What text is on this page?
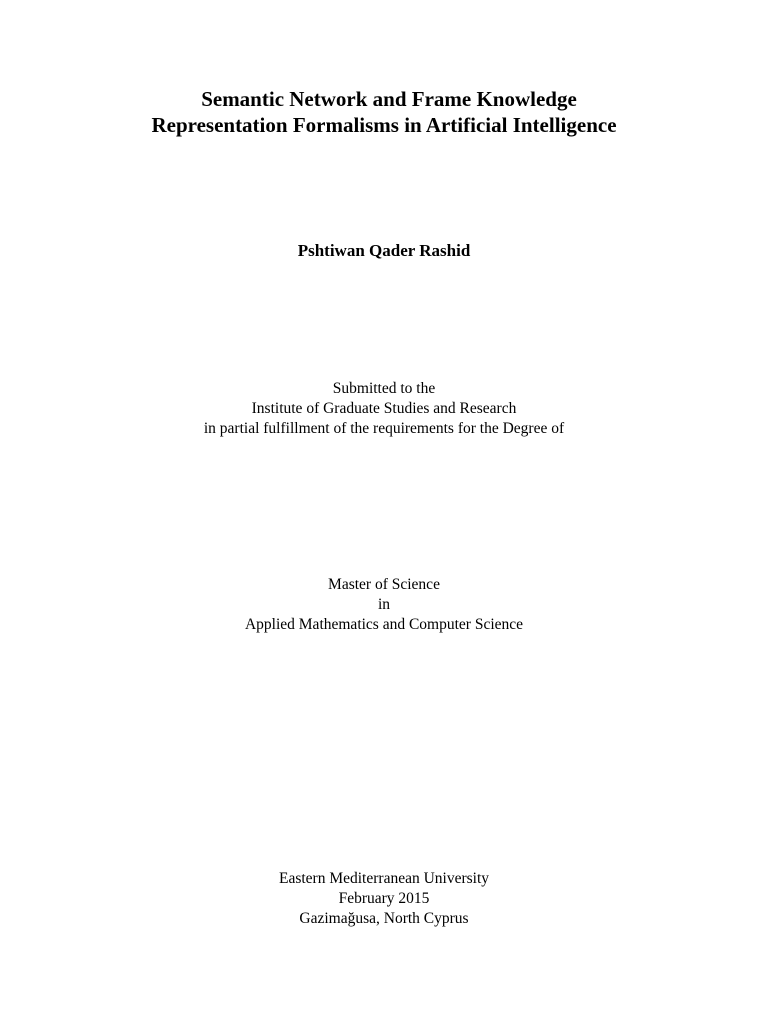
Semantic Network and Frame Knowledge
Representation Formalisms in Artificial Intelligence
Pshtiwan Qader Rashid
Submitted to the
Institute of Graduate Studies and Research
in partial fulfillment of the requirements for the Degree of
Master of Science
in
Applied Mathematics and Computer Science
Eastern Mediterranean University
February 2015
Gazimağusa, North Cyprus
